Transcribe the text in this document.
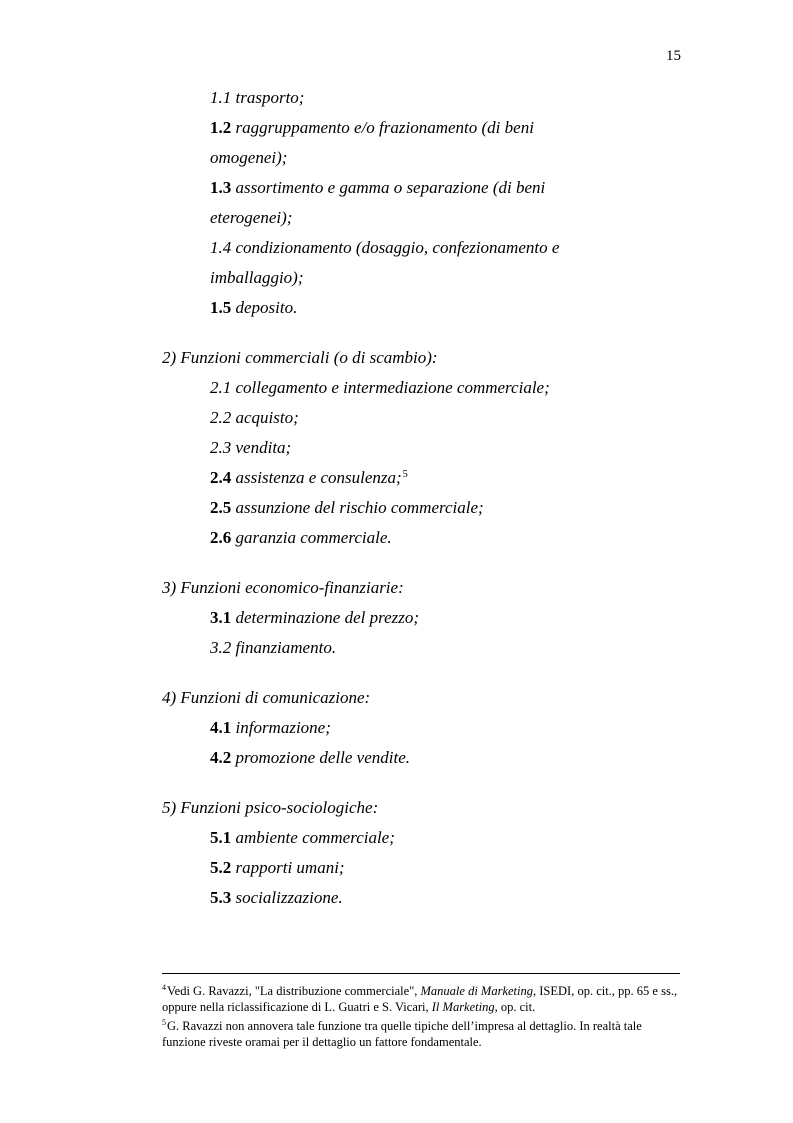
15
1.1 trasporto;
1.2 raggruppamento e/o frazionamento (di beni
omogenei);
1.3 assortimento e gamma o separazione (di beni
eterogenei);
1.4 condizionamento (dosaggio, confezionamento e
imballaggio);
1.5 deposito.
2) Funzioni commerciali (o di scambio):
2.1 collegamento e intermediazione commerciale;
2.2 acquisto;
2.3 vendita;
2.4 assistenza e consulenza;$^5$
2.5 assunzione del rischio commerciale;
2.6 garanzia commerciale.
3) Funzioni economico-finanziarie:
3.1 determinazione del prezzo;
3.2 finanziamento.
4) Funzioni di comunicazione:
4.1 informazione;
4.2 promozione delle vendite.
5) Funzioni psico-sociologiche:
5.1 ambiente commerciale;
5.2 rapporti umani;
5.3 socializzazione.

$^4$Vedi G. Ravazzi, "La distribuzione commerciale", Manuale di Marketing, ISEDI, op. cit., pp. 65 e ss., oppure nella riclassificazione di L. Guatri e S. Vicari, Il Marketing, op. cit.

$^5$G. Ravazzi non annovera tale funzione tra quelle tipiche dell’impresa al dettaglio. In realtà tale funzione riveste oramai per il dettaglio un fattore fondamentale.
